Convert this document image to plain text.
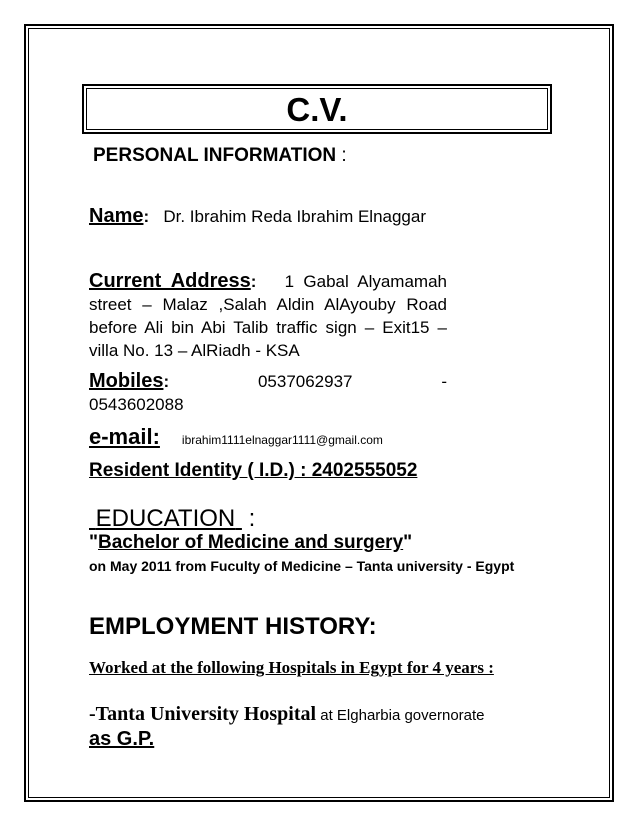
C.V.
PERSONAL INFORMATION :
Name: Dr. Ibrahim Reda Ibrahim Elnaggar
Current Address: 1 Gabal Alyamamah street – Malaz ,Salah Aldin AlAyouby Road before Ali bin Abi Talib traffic sign – Exit15 – villa No. 13 – AlRiadh - KSA
Mobiles:	0537062937	-
0543602088
e-mail: ibrahim1111elnaggar1111@gmail.com
Resident Identity ( I.D.) : 2402555052
EDUCATION  :
"Bachelor of Medicine and surgery"
on May 2011 from Fuculty of Medicine – Tanta university - Egypt
EMPLOYMENT HISTORY:
Worked at the following Hospitals in Egypt for 4 years :
-Tanta University Hospital at Elgharbia governorate
as G.P.
